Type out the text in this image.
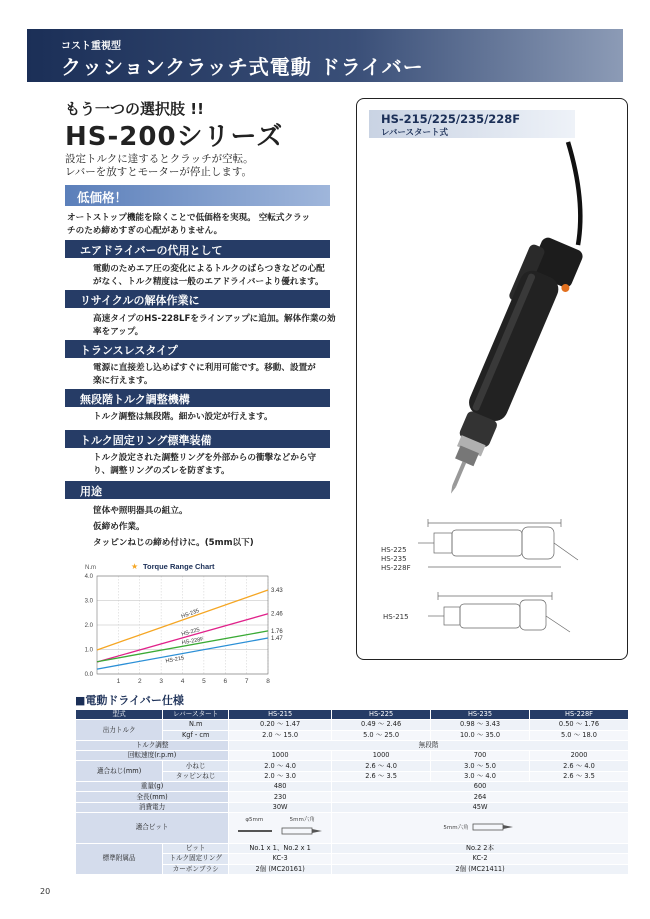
コスト重視型
クッションクラッチ式電動 ドライバー
もう一つの選択肢 !!
HS-200シリーズ
設定トルクに達するとクラッチが空転。
レバーを放すとモーターが停止します。
低価格！
オートストップ機能を除くことで低価格を実現。 空転式クラッ
チのため締めすぎの心配がありません。
エアドライバーの代用として
電動のためエア圧の変化によるトルクのばらつきなどの心配
がなく、トルク精度は一般のエアドライバーより優れます。
リサイクルの解体作業に
高速タイプのHS-228LFをラインアップに追加。解体作業の効
率をアップ。
トランスレスタイプ
電源に直接差し込めばすぐに利用可能です。移動、設置が
楽に行えます。
無段階トルク調整機構
トルク調整は無段階。細かい設定が行えます。
トルク固定リング標準装備
トルク設定された調整リングを外部からの衝撃などから守
り、調整リングのズレを防ぎます。
用途
筐体や照明器具の組立。
仮締め作業。
タッピンねじの締め付けに。(5mm以下)
HS-215/225/235/228F
レバースタート式
HS-225
HS-235
HS-228F
HS-215
Torque Range Chart
★
N.m
0.0
1.0
2.0
3.0
4.0
1	2	3	4	5	6	7	8
3.43
HS-235	2.46
HS-225	1.76
HS-228F	1.47
HS-215
■電動ドライバー仕様
型式	レバースタート	HS-215	HS-225	HS-235	HS-228F
出力トルク	N.m	0.20 ～ 1.47	0.49 ～ 2.46	0.98 ～ 3.43	0.50 ～ 1.76
	Kgf・cm	2.0 ～ 15.0	5.0 ～ 25.0	10.0 ～ 35.0	5.0 ～ 18.0
トルク調整		無段階			
回転速度(r.p.m)		1000	1000	700	2000
適合ねじ(mm)	小ねじ	2.0 ～ 4.0	2.6 ～ 4.0	3.0 ～ 5.0	2.6 ～ 4.0
	タッピンねじ	2.0 ～ 3.0	2.6 ～ 3.5	3.0 ～ 4.0	2.6 ～ 3.5
重量(g)		480	600		
全長(mm)		230	264		
消費電力		30W	45W		
適合ビット		φ5mm 5mm六角	5mm六角		
標準附属品	ビット	No.1 x 1、No.2 x 1	No.2 2本		
	トルク固定リング	KC-3	KC-2		
	カーボンブラシ	2個 (MC20161)	2個 (MC21411)		
20
